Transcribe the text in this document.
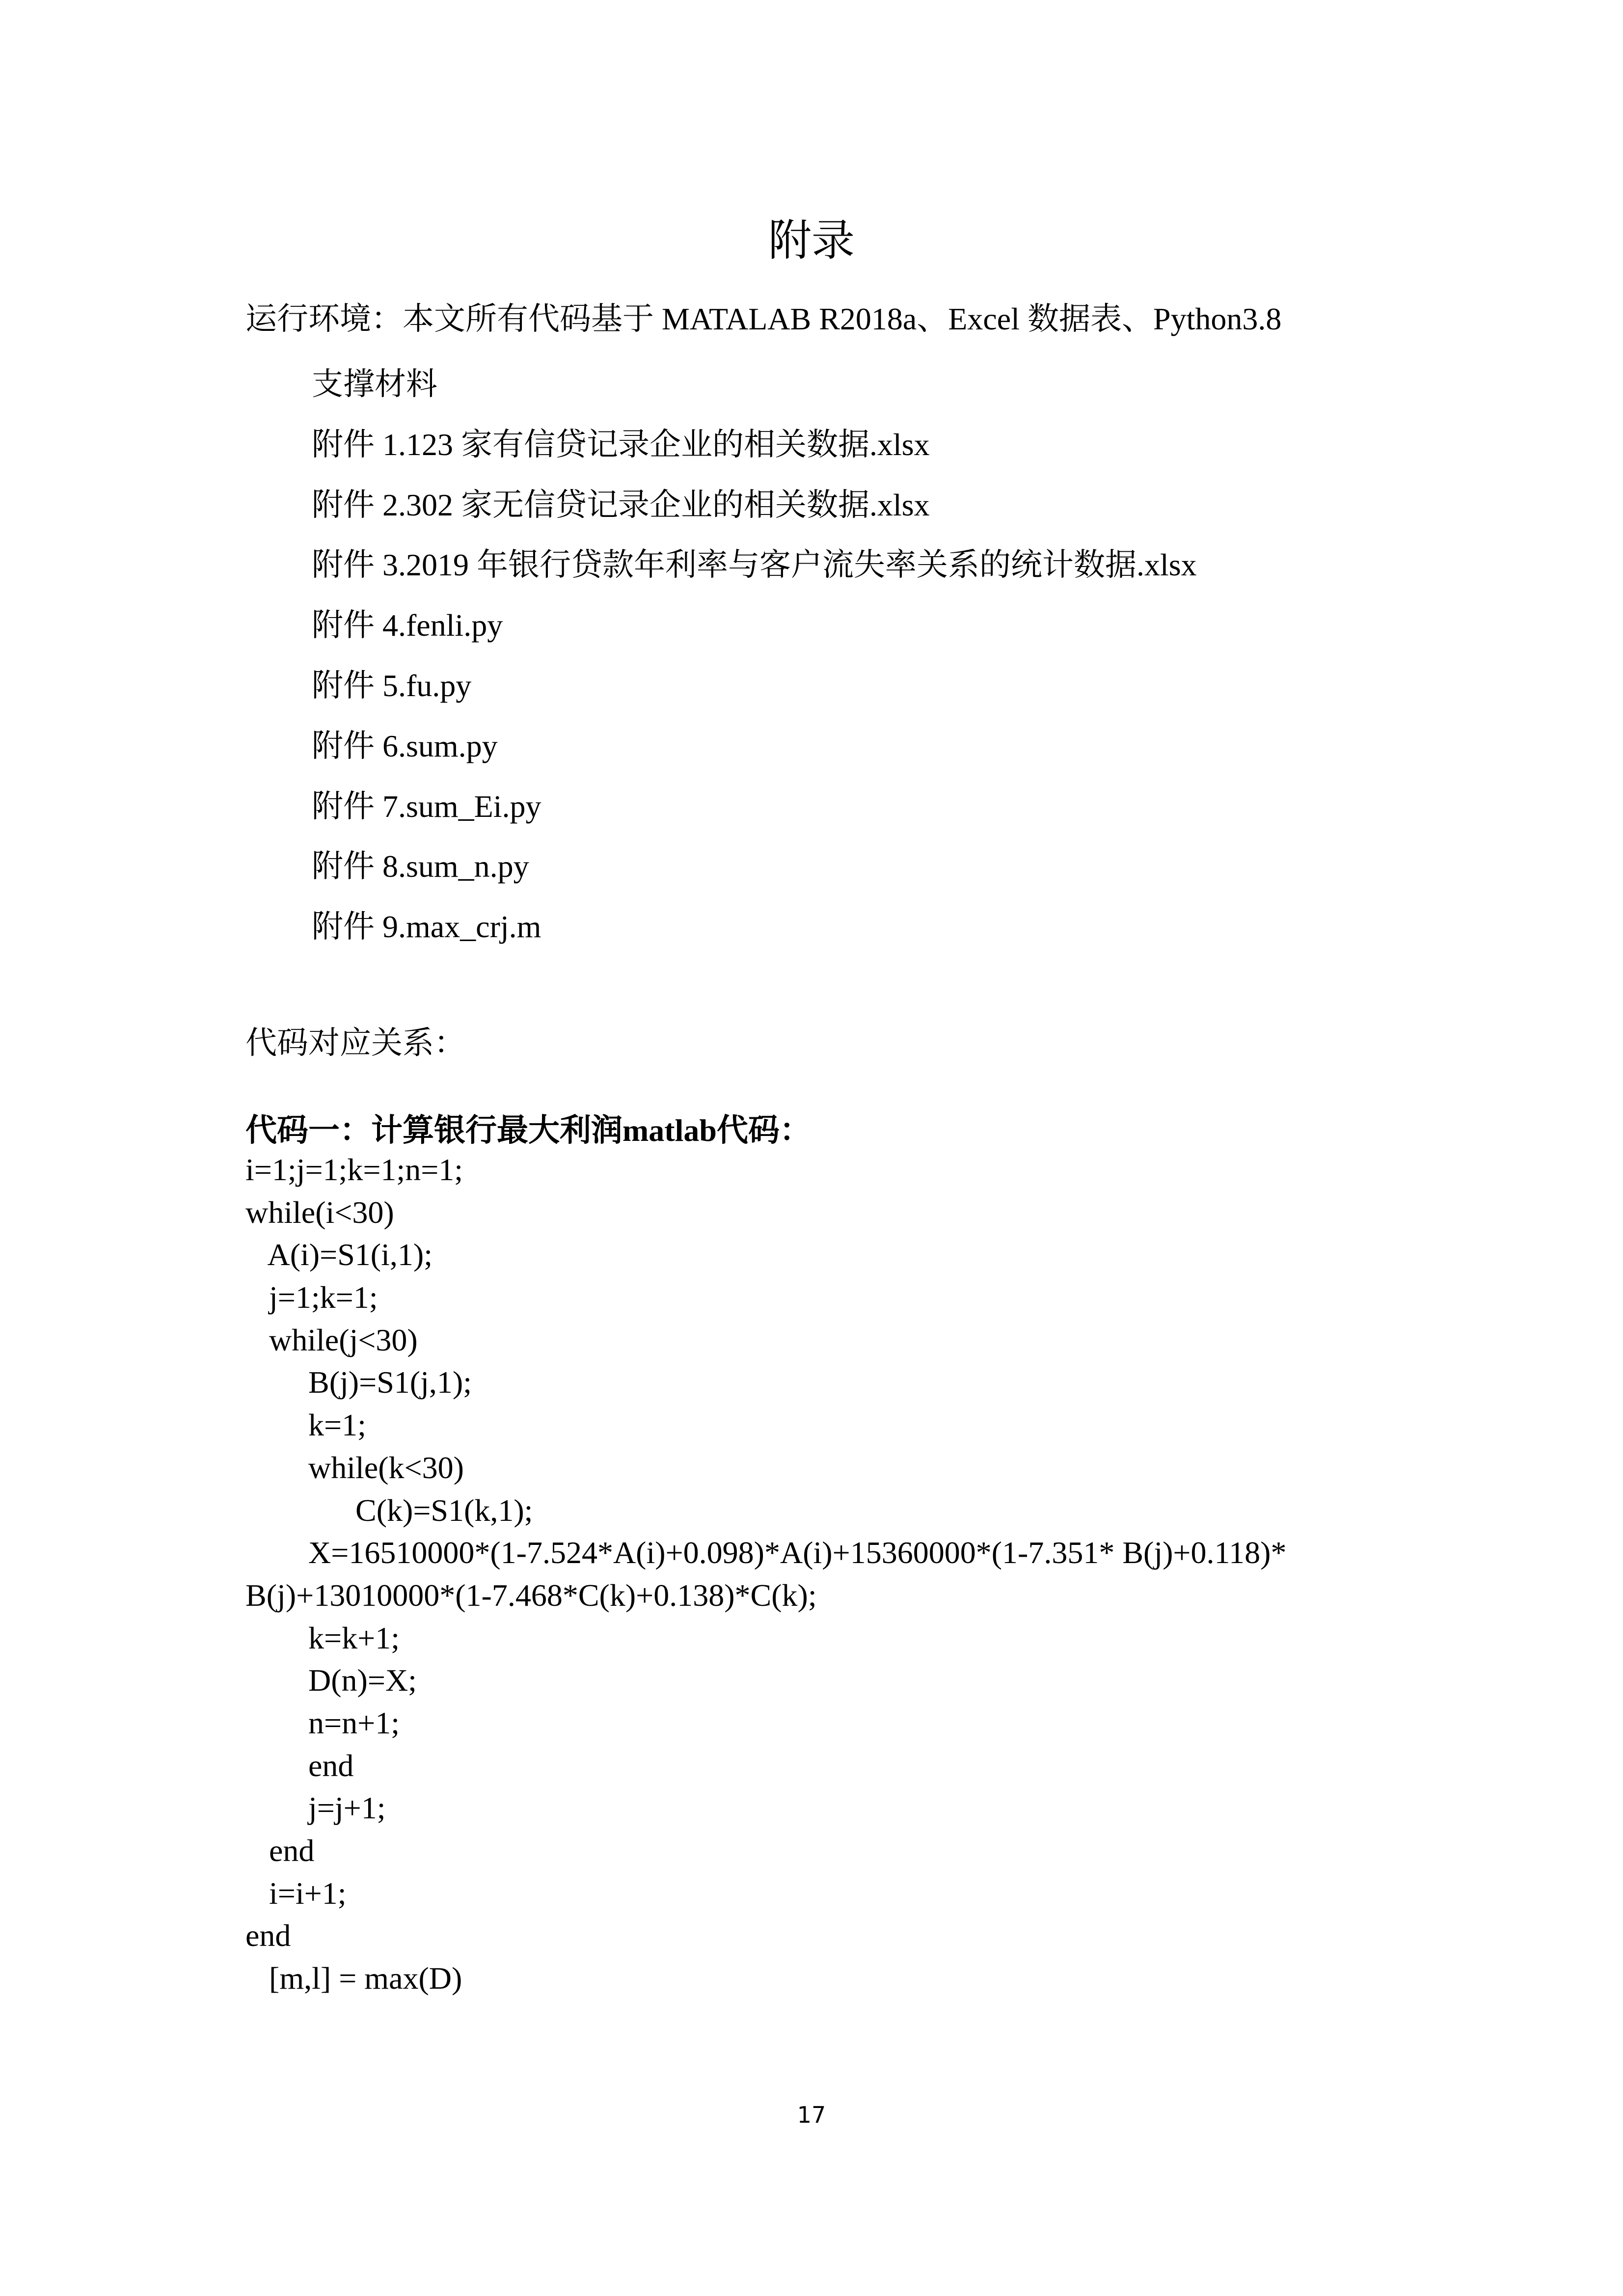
附录
运行环境：本文所有代码基于 MATALAB R2018a、Excel 数据表、Python3.8
支撑材料
附件 1.123 家有信贷记录企业的相关数据.xlsx
附件 2.302 家无信贷记录企业的相关数据.xlsx
附件 3.2019 年银行贷款年利率与客户流失率关系的统计数据.xlsx
附件 4.fenli.py
附件 5.fu.py
附件 6.sum.py
附件 7.sum_Ei.py
附件 8.sum_n.py
附件 9.max_crj.m
代码对应关系：
代码一：计算银行最大利润matlab代码：
i=1;j=1;k=1;n=1;
while(i<30)
A(i)=S1(i,1);
j=1;k=1;
while(j<30)
B(j)=S1(j,1);
k=1;
while(k<30)
C(k)=S1(k,1);
X=16510000*(1-7.524*A(i)+0.098)*A(i)+15360000*(1-7.351* B(j)+0.118)*
B(j)+13010000*(1-7.468*C(k)+0.138)*C(k);
k=k+1;
D(n)=X;
n=n+1;
end
j=j+1;
end
i=i+1;
end
[m,l] = max(D)
17
